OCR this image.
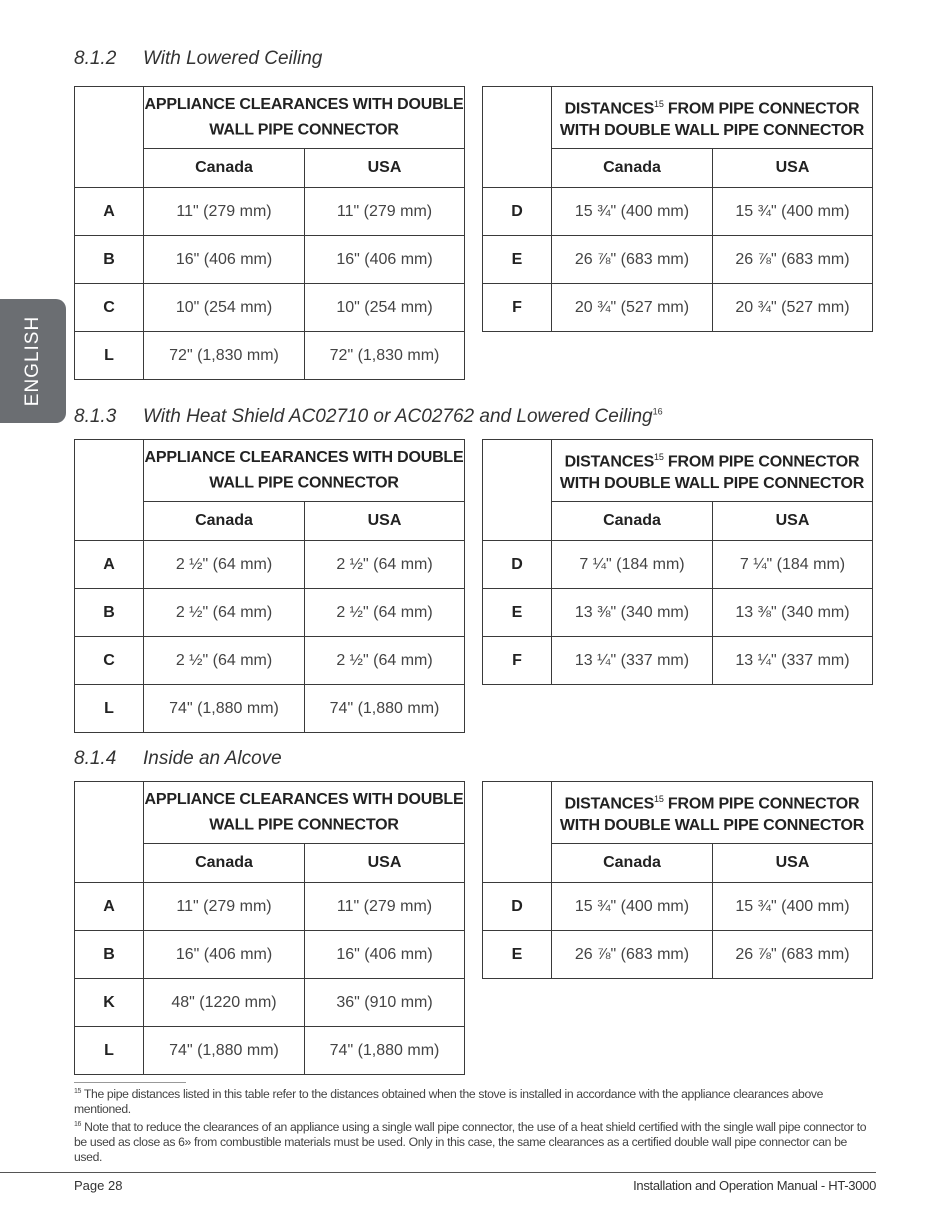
ENGLISH
8.1.2 With Lowered Ceiling
	APPLIANCE CLEARANCES WITH DOUBLE WALL PIPE CONNECTOR	
	Canada	USA
A	11" (279 mm)	11" (279 mm)
B	16" (406 mm)	16" (406 mm)
C	10" (254 mm)	10" (254 mm)
L	72" (1,830 mm)	72" (1,830 mm)
	DISTANCES$^{15}$ FROM PIPE CONNECTOR WITH DOUBLE WALL PIPE CONNECTOR	
	Canada	USA
D	15 ¾" (400 mm)	15 ¾" (400 mm)
E	26 ⅞" (683 mm)	26 ⅞" (683 mm)
F	20 ¾" (527 mm)	20 ¾" (527 mm)
8.1.3 With Heat Shield AC02710 or AC02762 and Lowered Ceiling$^{16}$
	APPLIANCE CLEARANCES WITH DOUBLE WALL PIPE CONNECTOR	
	Canada	USA
A	2 ½" (64 mm)	2 ½" (64 mm)
B	2 ½" (64 mm)	2 ½" (64 mm)
C	2 ½" (64 mm)	2 ½" (64 mm)
L	74" (1,880 mm)	74" (1,880 mm)
	DISTANCES$^{15}$ FROM PIPE CONNECTOR WITH DOUBLE WALL PIPE CONNECTOR	
	Canada	USA
D	7 ¼" (184 mm)	7 ¼" (184 mm)
E	13 ⅜" (340 mm)	13 ⅜" (340 mm)
F	13 ¼" (337 mm)	13 ¼" (337 mm)
8.1.4 Inside an Alcove
	APPLIANCE CLEARANCES WITH DOUBLE WALL PIPE CONNECTOR	
	Canada	USA
A	11" (279 mm)	11" (279 mm)
B	16" (406 mm)	16" (406 mm)
K	48" (1220 mm)	36" (910 mm)
L	74" (1,880 mm)	74" (1,880 mm)
	DISTANCES$^{15}$ FROM PIPE CONNECTOR WITH DOUBLE WALL PIPE CONNECTOR	
	Canada	USA
D	15 ¾" (400 mm)	15 ¾" (400 mm)
E	26 ⅞" (683 mm)	26 ⅞" (683 mm)
$^{15}$ The pipe distances listed in this table refer to the distances obtained when the stove is installed in accordance with the appliance clearances above mentioned.
$^{16}$ Note that to reduce the clearances of an appliance using a single wall pipe connector, the use of a heat shield certified with the single wall pipe connector to be used as close as 6» from combustible materials must be used. Only in this case, the same clearances as a certified double wall pipe connector can be used.
Page 28	Installation and Operation Manual - HT-3000
